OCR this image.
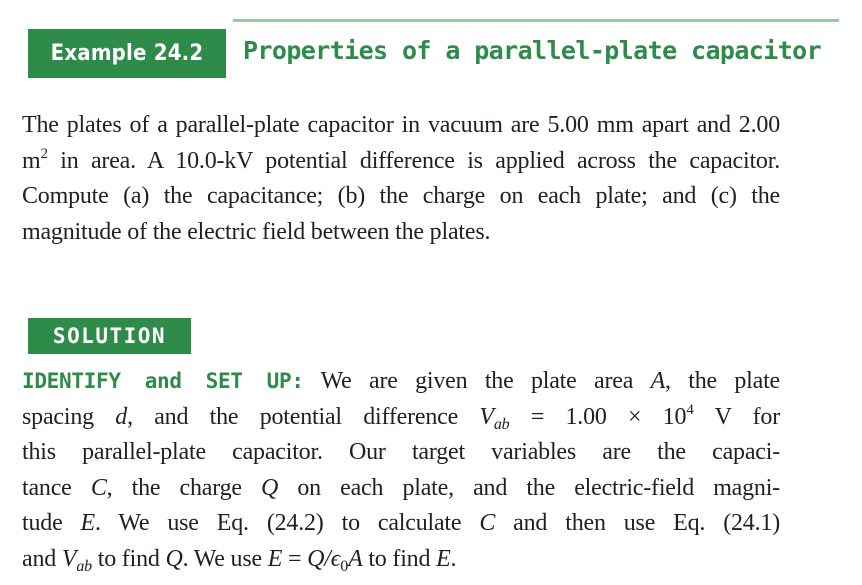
Example 24.2	Properties of a parallel-plate capacitor

The plates of a parallel-plate capacitor in vacuum are 5.00 mm apart and 2.00 $m^2$ in area. A 10.0-kV potential difference is applied across the capacitor. Compute (a) the capacitance; (b) the charge on each plate; and (c) the magnitude of the electric field between the plates.

SOLUTION
IDENTIFY and SET UP: We are given the plate area A, the plate
spacing d, and the potential difference $V_{ab} = 1.00 \times 10^4$ V for
this parallel-plate capacitor. Our target variables are the capaci-
tance C, the charge Q on each plate, and the electric-field magni-
tude E. We use Eq. (24.2) to calculate C and then use Eq. (24.1)
and $V_{ab}$ to find Q. We use $E = Q/\epsilon_0A$ to find E.
